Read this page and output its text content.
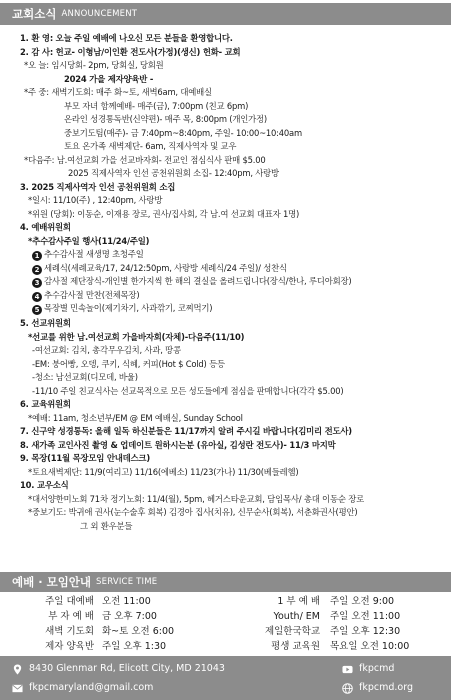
교회소식 ANNOUNCEMENT
1. 환 영: 오늘 주일 예배에 나오신 모든 분들을 환영합니다.
2. 감 사: 헌교- 이형남/이인환 전도사(가정)(생신) 헌화- 교회
*오 늘: 임시당회- 2pm, 당회실, 당회원
2024 가을 제자양육반 -
*주 중: 새벽기도회: 매주 화~토, 새벽6am, 대예배실
부모 자녀 함께예배- 매주(금), 7:00pm (친교 6pm)
온라인 성경통독반(신약편)- 매주 목, 8:00pm (개인가정)
중보기도팀(매주)- 금 7:40pm~8:40pm, 주일- 10:00~10:40am
토요 온가족 새벽제단- 6am, 직제사역자 및 교우
*다음주: 남.여선교회 가을 선교바자회- 전교인 점심식사 판매 $5.00
2025 직제사역자 인선 공천위원회 소집- 12:40pm, 사랑방
3. 2025 직제사역자 인선 공천위원회 소집
*일시: 11/10(주) , 12:40pm, 사랑방
*위원 (당회): 이동순, 이재용 장로, 권사/집사회, 각 남.여 선교회 대표자 1명)
4. 예배위원회
*추수감사주일 행사(11/24/주일)
1 추수감사절 새생명 초청주일
2 세례식(세례교육/17, 24/12:50pm, 사랑방 세례식/24 주일)/ 성찬식
3 감사절 제단장식-개인별 한가지씩 한 해의 결실을 올려드립니다(장식/한나, 루디아회장)
4 추수감사절 만찬(전체목장)
5 목장별 민속놀이(제기차기, 사과깎기, 코찌먹기)
5. 선교위원회
*선교를 위한 남.여선교회 가을바자회(자체)-다음주(11/10)
-여선교회: 김치, 총각무우김치, 사과, 땅콩
-EM: 붕어빵, 오뎅, 쿠키, 식혜, 커피(Hot $ Cold) 등등
-청소: 남선교회(디모데, 바울)
-11/10 주일 친교식사는 선교목적으로 모든 성도들에게 점심을 판매합니다(각각 $5.00)
6. 교육위원회
*예배: 11am, 청소년부/EM @ EM 예배실, Sunday School
7. 신구약 성경통독: 올해 일독 하신분들은 11/17까지 알려 주시길 바랍니다(김미리 전도사)
8. 새가족 교인사진 촬영 & 업데이트 원하시는분 (유아실, 김성란 전도사)- 11/3 마지막
9. 목장(11월 목장모임 안내데스크)
*토요새벽제단: 11/9(여리고) 11/16(에베소) 11/23(가나) 11/30(베들레헴)
10. 교우소식
*대서양한미노회 71차 정기노회: 11/4(월), 5pm, 헤거스타운교회, 담임목사/ 총대 이동순 장로
*중보기도: 박귀애 권사(눈수술후 회복) 김경아 집사(치유), 신무순사(회복), 서춘화권사(평안)
그 외 환우분들
예배 · 모임안내 SERVICE TIME
주일 대예배 오전 11:00
부 자 예 배 금 오후 7:00
새벽 기도회 화~토 오전 6:00
제자 양육반 주일 오후 1:30
1 부 예 배 주일 오전 9:00
Youth/ EM 주일 오전 11:00
제일한국학교 주일 오후 12:30
평생 교육원 목요일 오전 10:00
8430 Glenmar Rd, Elicott City, MD 21043
fkpcmaryland@gmail.com
fkpcmd
fkpcmd.org
